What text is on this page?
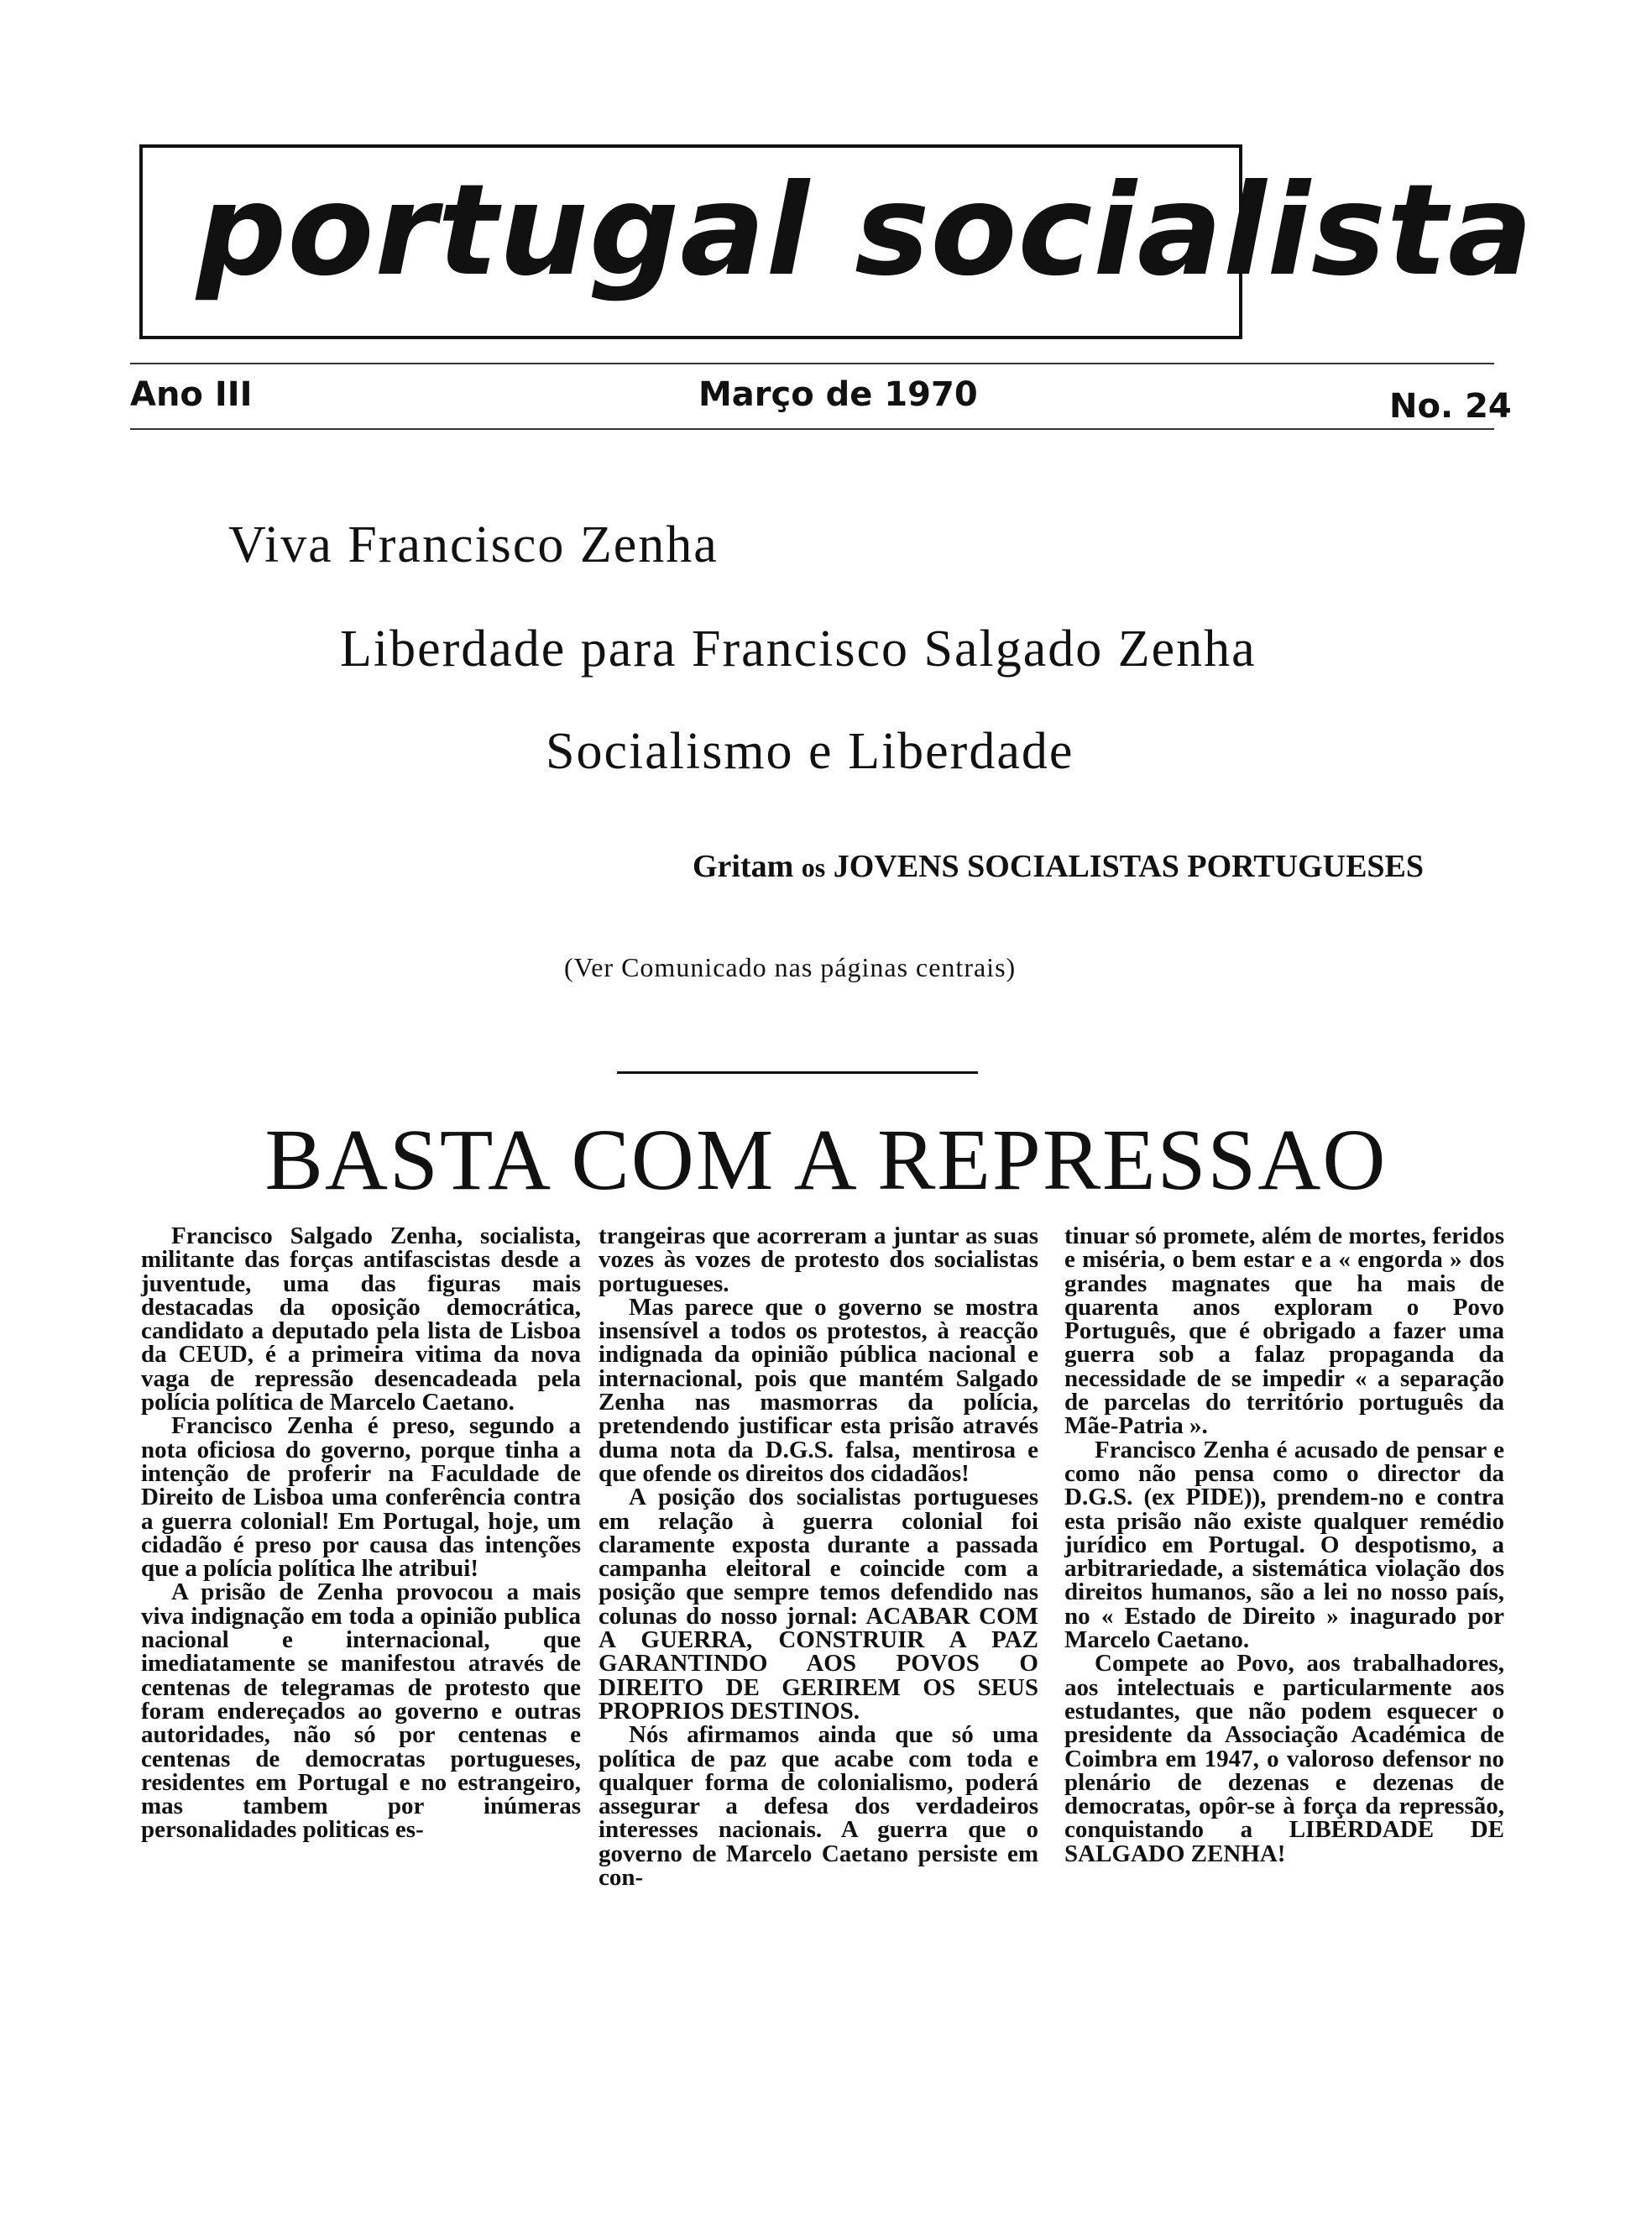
portugal socialista
Ano III	Março de 1970	No. 24
Viva Francisco Zenha
Liberdade para Francisco Salgado Zenha
Socialismo e Liberdade
Gritam os JOVENS SOCIALISTAS PORTUGUESES
(Ver Comunicado nas páginas centrais)
BASTA COM A REPRESSAO

Francisco Salgado Zenha, socialista, militante das forças antifascistas desde a juventude, uma das figuras mais destacadas da oposição democrática, candidato a deputado pela lista de Lisboa da CEUD, é a primeira vitima da nova vaga de repressão desencadeada pela polícia política de Marcelo Caetano.

Francisco Zenha é preso, segundo a nota oficiosa do governo, porque tinha a intenção de proferir na Faculdade de Direito de Lisboa uma conferência contra a guerra colonial! Em Portugal, hoje, um cidadão é preso por causa das intenções que a polícia política lhe atribui!

A prisão de Zenha provocou a mais viva indignação em toda a opinião publica nacional e internacional, que imediatamente se manifestou através de centenas de telegramas de protesto que foram endereçados ao governo e outras autoridades, não só por centenas e centenas de democratas portugueses, residentes em Portugal e no estrangeiro, mas tambem por inúmeras personalidades politicas es-

trangeiras que acorreram a juntar as suas vozes às vozes de protesto dos socialistas portugueses.

Mas parece que o governo se mostra insensível a todos os protestos, à reacção indignada da opinião pública nacional e internacional, pois que mantém Salgado Zenha nas masmorras da polícia, pretendendo justificar esta prisão através duma nota da D.G.S. falsa, mentirosa e que ofende os direitos dos cidadãos!

A posição dos socialistas portugueses em relação à guerra colonial foi claramente exposta durante a passada campanha eleitoral e coincide com a posição que sempre temos defendido nas colunas do nosso jornal: ACABAR COM A GUERRA, CONSTRUIR A PAZ GARANTINDO AOS POVOS O DIREITO DE GERIREM OS SEUS PROPRIOS DESTINOS.

Nós afirmamos ainda que só uma política de paz que acabe com toda e qualquer forma de colonialismo, poderá assegurar a defesa dos verdadeiros interesses nacionais. A guerra que o governo de Marcelo Caetano persiste em con-

tinuar só promete, além de mortes, feridos e miséria, o bem estar e a « engorda » dos grandes magnates que ha mais de quarenta anos exploram o Povo Português, que é obrigado a fazer uma guerra sob a falaz propaganda da necessidade de se impedir « a separação de parcelas do território português da Mãe-Patria ».

Francisco Zenha é acusado de pensar e como não pensa como o director da D.G.S. (ex PIDE)), prendem-no e contra esta prisão não existe qualquer remédio jurídico em Portugal. O despotismo, a arbitrariedade, a sistemática violação dos direitos humanos, são a lei no nosso país, no « Estado de Direito » inagurado por Marcelo Caetano.

Compete ao Povo, aos trabalhadores, aos intelectuais e particularmente aos estudantes, que não podem esquecer o presidente da Associação Académica de Coimbra em 1947, o valoroso defensor no plenário de dezenas e dezenas de democratas, opôr-se à força da repressão, conquistando a LIBERDADE DE SALGADO ZENHA!
